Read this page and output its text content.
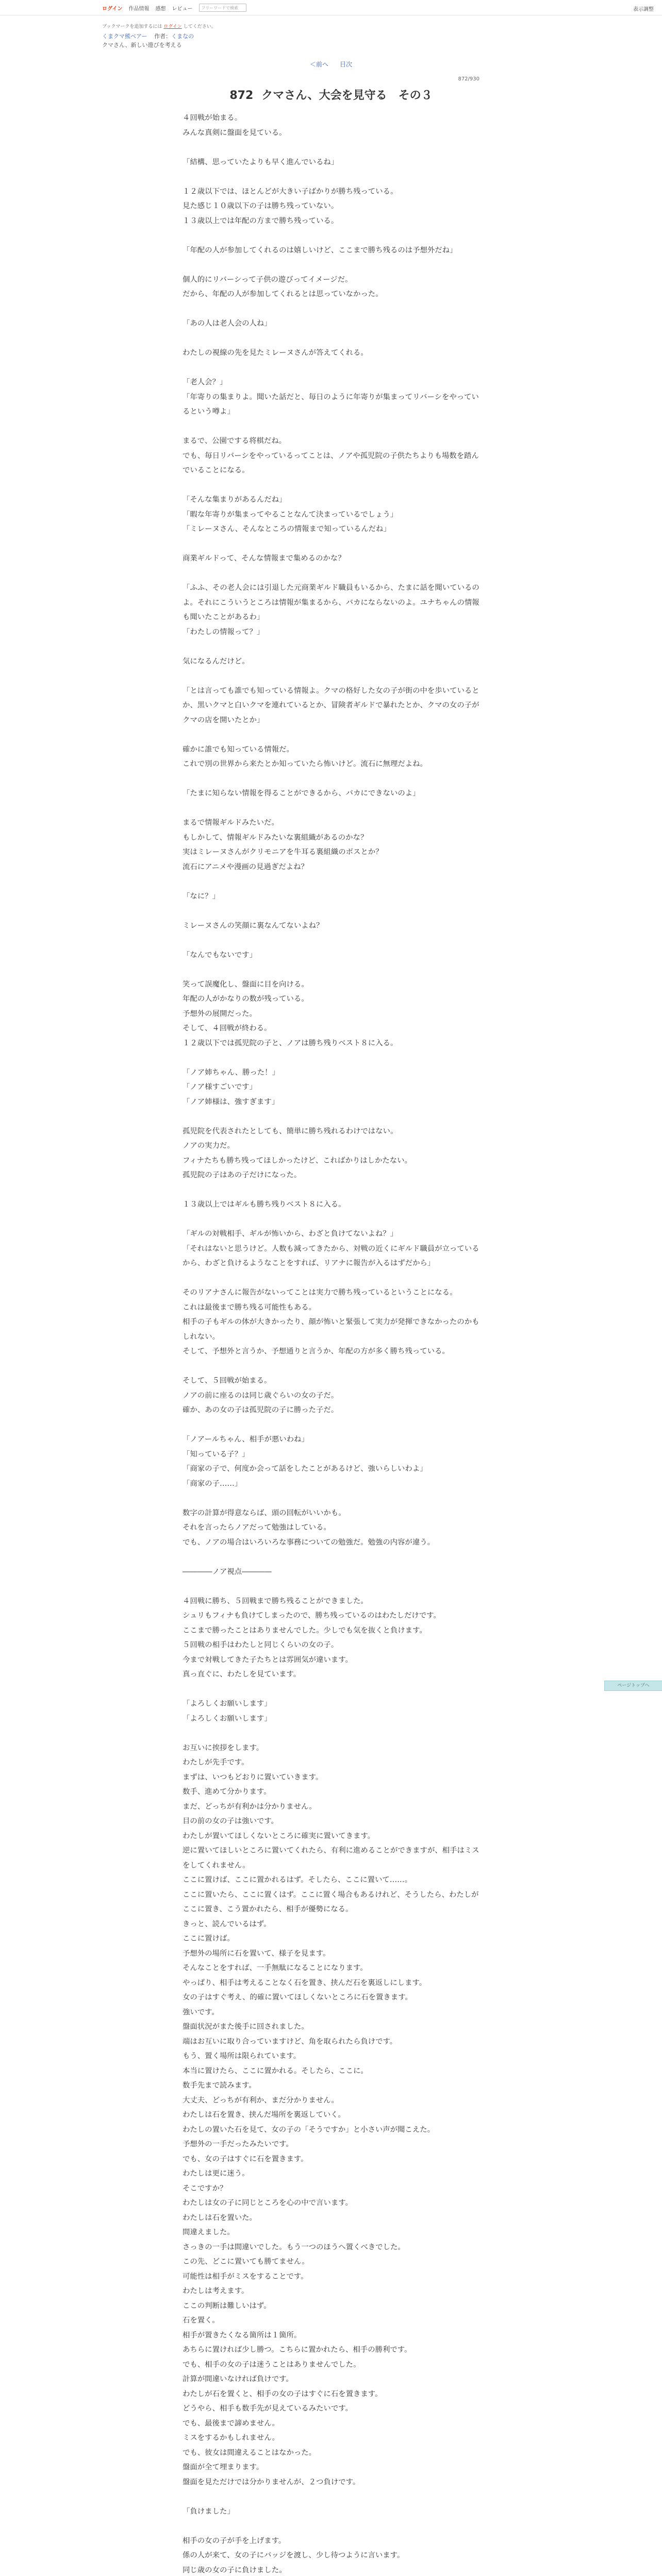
ログイン 作品情報 感想 レビュー
フリーワードで検索	表示調整
ブックマークを追加するには ログイン してください。
くまクマ熊ベアー 作者：くまなの
クマさん、新しい遊びを考える
＜前へ 目次
872/930
872 クマさん、大会を見守る　その３

４回戦が始まる。

みんな真剣に盤面を見ている。

「結構、思っていたよりも早く進んでいるね」

１２歳以下では、ほとんどが大きい子ばかりが勝ち残っている。

見た感じ１０歳以下の子は勝ち残っていない。

１３歳以上では年配の方まで勝ち残っている。

「年配の人が参加してくれるのは嬉しいけど、ここまで勝ち残るのは予想外だね」

個人的にリバーシって子供の遊びってイメージだ。

だから、年配の人が参加してくれるとは思っていなかった。

「あの人は老人会の人ね」

わたしの視線の先を見たミレーヌさんが答えてくれる。

「老人会？」

「年寄りの集まりよ。聞いた話だと、毎日のように年寄りが集まってリバーシをやっているという噂よ」

まるで、公園でする将棋だね。

でも、毎日リバーシをやっているってことは、ノアや孤児院の子供たちよりも場数を踏んでいることになる。

「そんな集まりがあるんだね」

「暇な年寄りが集まってやることなんて決まっているでしょう」

「ミレーヌさん、そんなところの情報まで知っているんだね」

商業ギルドって、そんな情報まで集めるのかな？

「ふふ、その老人会には引退した元商業ギルド職員もいるから、たまに話を聞いているのよ。それにこういうところは情報が集まるから、バカにならないのよ。ユナちゃんの情報も聞いたことがあるわ」

「わたしの情報って？」

気になるんだけど。

「とは言っても誰でも知っている情報よ。クマの格好した女の子が街の中を歩いているとか、黒いクマと白いクマを連れているとか、冒険者ギルドで暴れたとか、クマの女の子がクマの店を開いたとか」

確かに誰でも知っている情報だ。

これで別の世界から来たとか知っていたら怖いけど。流石に無理だよね。

「たまに知らない情報を得ることができるから、バカにできないのよ」

まるで情報ギルドみたいだ。

もしかして、情報ギルドみたいな裏組織があるのかな？

実はミレーヌさんがクリモニアを牛耳る裏組織のボスとか？

流石にアニメや漫画の見過ぎだよね？

「なに？」

ミレーヌさんの笑顔に裏なんてないよね？

「なんでもないです」

笑って誤魔化し、盤面に目を向ける。

年配の人がかなりの数が残っている。

予想外の展開だった。

そして、４回戦が終わる。

１２歳以下では孤児院の子と、ノアは勝ち残りベスト８に入る。

「ノア姉ちゃん、勝った！」

「ノア様すごいです」

「ノア姉様は、強すぎます」

孤児院を代表されたとしても、簡単に勝ち残れるわけではない。

ノアの実力だ。

フィナたちも勝ち残ってほしかったけど、こればかりはしかたない。

孤児院の子はあの子だけになった。

１３歳以上ではギルも勝ち残りベスト８に入る。

「ギルの対戦相手、ギルが怖いから、わざと負けてないよね？」

「それはないと思うけど。人数も減ってきたから、対戦の近くにギルド職員が立っているから、わざと負けるようなことをすれば、リアナに報告が入るはずだから」

そのリアナさんに報告がないってことは実力で勝ち残っているということになる。

これは最後まで勝ち残る可能性もある。

相手の子もギルの体が大きかったり、顔が怖いと緊張して実力が発揮できなかったのかもしれない。

そして、予想外と言うか、予想通りと言うか、年配の方が多く勝ち残っている。

そして、５回戦が始まる。

ノアの前に座るのは同じ歳ぐらいの女の子だ。

確か、あの女の子は孤児院の子に勝った子だ。

「ノアールちゃん、相手が悪いわね」

「知っている子？」

「商家の子で、何度か会って話をしたことがあるけど、強いらしいわよ」

「商家の子……」

数字の計算が得意ならば、頭の回転がいいかも。

それを言ったらノアだって勉強はしている。

でも、ノアの場合はいろいろな事務についての勉強だ。勉強の内容が違う。

――――ノア視点――――

４回戦に勝ち、５回戦まで勝ち残ることができました。

シュリもフィナも負けてしまったので、勝ち残っているのはわたしだけです。

ここまで勝ったことはありませんでした。少しでも気を抜くと負けます。

５回戦の相手はわたしと同じくらいの女の子。

今まで対戦してきた子たちとは雰囲気が違います。

真っ直ぐに、わたしを見ています。

「よろしくお願いします」

「よろしくお願いします」

お互いに挨拶をします。

わたしが先手です。

まずは、いつもどおりに置いていきます。

数手、進めて分かります。

まだ、どっちが有利かは分かりません。

目の前の女の子は強いです。

わたしが置いてほしくないところに確実に置いてきます。

逆に置いてほしいところに置いてくれたら、有利に進めることができますが、相手はミスをしてくれません。

ここに置けば、ここに置かれるはず。そしたら、ここに置いて……。

ここに置いたら、ここに置くはず。ここに置く場合もあるけれど、そうしたら、わたしがここに置き、こう置かれたら、相手が優勢になる。

きっと、読んでいるはず。

ここに置けば。

予想外の場所に石を置いて、様子を見ます。

そんなことをすれば、一手無駄になることになります。

やっぱり、相手は考えることなく石を置き、挟んだ石を裏返しにします。

女の子はすぐ考え、的確に置いてほしくないところに石を置きます。

強いです。

盤面状況がまた後手に回されました。

端はお互いに取り合っていますけど、角を取られたら負けです。

もう、置く場所は限られています。

本当に置けたら、ここに置かれる。そしたら、ここに。

数手先まで読みます。

大丈夫、どっちが有利か、まだ分かりません。

わたしは石を置き、挟んだ場所を裏返していく。

わたしの置いた石を見て、女の子の「そうですか」と小さい声が聞こえた。

予想外の一手だったみたいです。

でも、女の子はすぐに石を置きます。

わたしは更に迷う。

そこですか？

わたしは女の子に同じところを心の中で言います。

わたしは石を置いた。

間違えました。

さっきの一手は間違いでした。もう一つのほうへ置くべきでした。

この先、どこに置いても勝てません。

可能性は相手がミスをすることです。

わたしは考えます。

ここの判断は難しいはず。

石を置く。

相手が置きたくなる箇所は１箇所。

あちらに置ければ少し勝つ。こちらに置かれたら、相手の勝利です。

でも、相手の女の子は迷うことはありませんでした。

計算が間違いなければ負けです。

わたしが石を置くと、相手の女の子はすぐに石を置きます。

どうやら、相手も数手先が見えているみたいです。

でも、最後まで諦めません。

ミスをするかもしれません。

でも、彼女は間違えることはなかった。

盤面が全て埋まります。

盤面を見ただけでは分かりませんが、２つ負けです。

「負けました」

相手の女の子が手を上げます。

係の人が来て、女の子にバッジを渡し、少し待つように言います。

同じ歳の女の子に負けました。

ページトップへ
